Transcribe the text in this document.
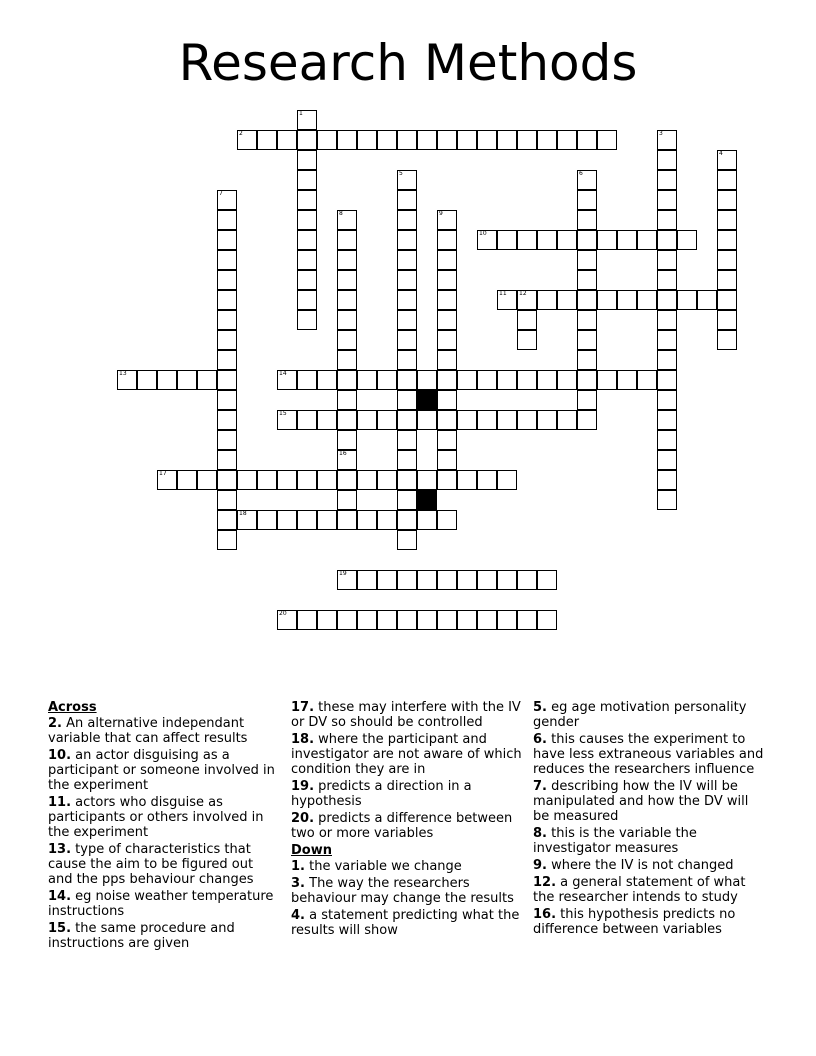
Research Methods
1
2	3
4
5	6
7
8
16
9
10
11 12
13	14
15
17
18
19
20
Across
2. An alternative independant variable that can affect results
10. an actor disguising as a participant or someone involved in the experiment
11. actors who disguise as participants or others involved in the experiment
13. type of characteristics that cause the aim to be figured out and the pps behaviour changes
14. eg noise weather temperature instructions
15. the same procedure and instructions are given
17. these may interfere with the IV or DV so should be controlled
18. where the participant and investigator are not aware of which condition they are in
19. predicts a direction in a hypothesis
20. predicts a difference between two or more variables
Down
1. the variable we change
3. The way the researchers behaviour may change the results
4. a statement predicting what the results will show
5. eg age motivation personality gender
6. this causes the experiment to have less extraneous variables and reduces the researchers influence
7. describing how the IV will be manipulated and how the DV will be measured
8. this is the variable the investigator measures
9. where the IV is not changed
12. a general statement of what the researcher intends to study
16. this hypothesis predicts no difference between variables
